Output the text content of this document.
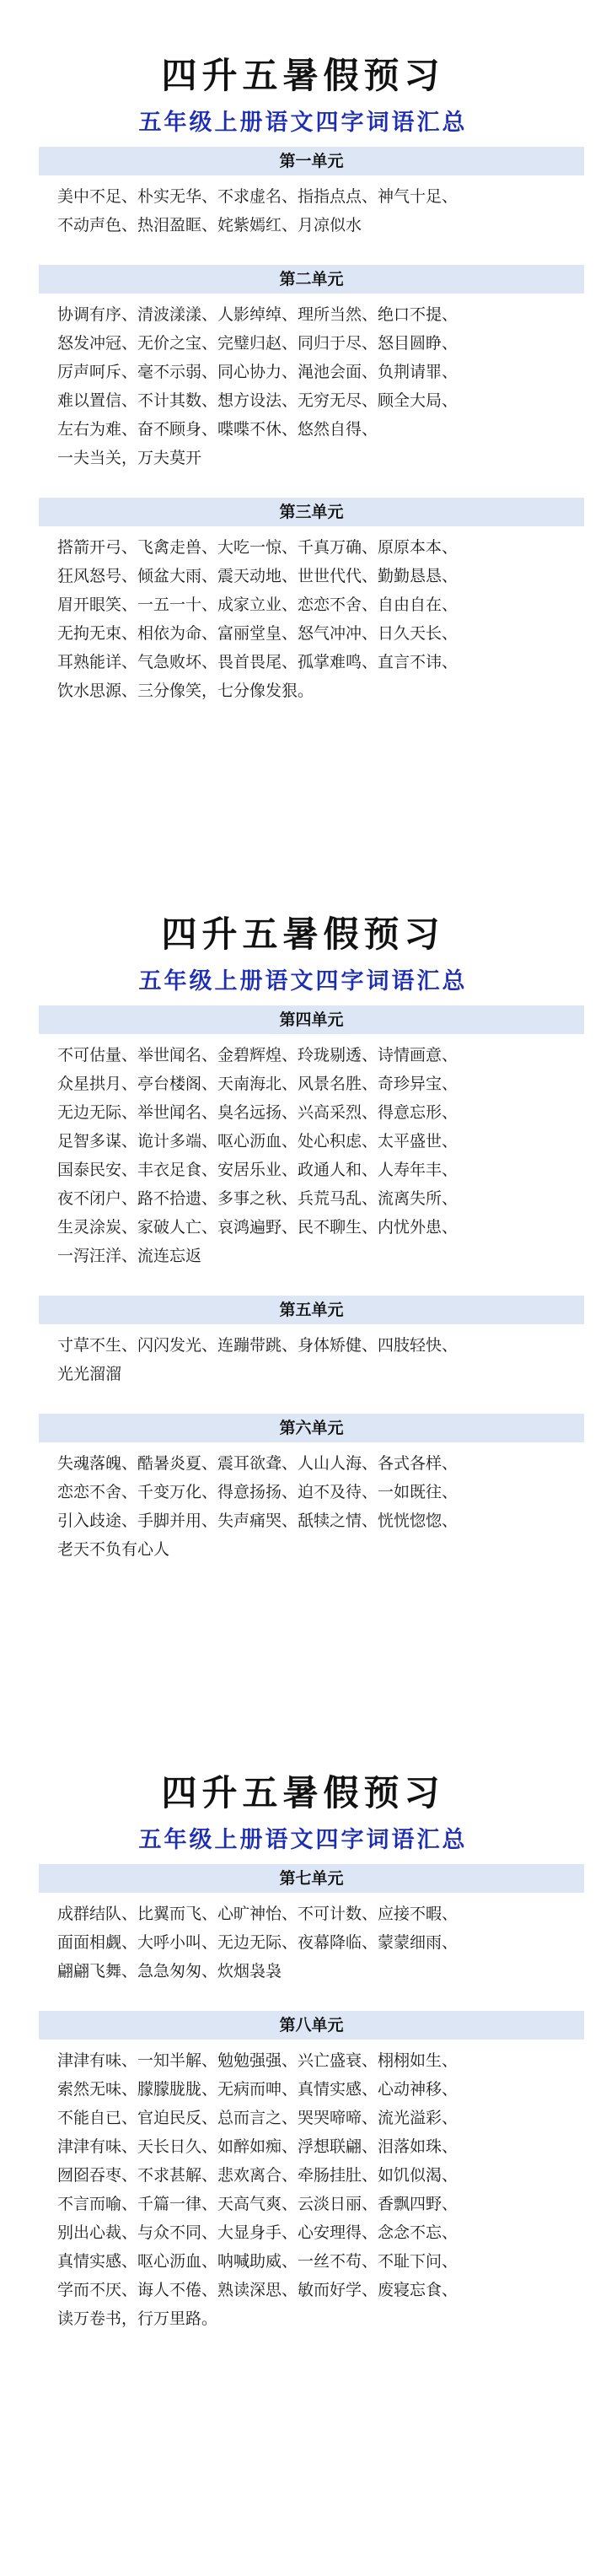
四升五暑假预习
五年级上册语文四字词语汇总
第一单元
美中不足、朴实无华、不求虚名、指指点点、神气十足、
不动声色、热泪盈眶、姹紫嫣红、月凉似水
第二单元
协调有序、清波漾漾、人影绰绰、理所当然、绝口不提、
怒发冲冠、无价之宝、完璧归赵、同归于尽、怒目圆睁、
厉声呵斥、毫不示弱、同心协力、渑池会面、负荆请罪、
难以置信、不计其数、想方设法、无穷无尽、顾全大局、
左右为难、奋不顾身、喋喋不休、悠然自得、
一夫当关，万夫莫开
第三单元
搭箭开弓、飞禽走兽、大吃一惊、千真万确、原原本本、
狂风怒号、倾盆大雨、震天动地、世世代代、勤勤恳恳、
眉开眼笑、一五一十、成家立业、恋恋不舍、自由自在、
无拘无束、相依为命、富丽堂皇、怒气冲冲、日久天长、
耳熟能详、气急败坏、畏首畏尾、孤掌难鸣、直言不讳、
饮水思源、三分像笑，七分像发狠。
四升五暑假预习
五年级上册语文四字词语汇总
第四单元
不可估量、举世闻名、金碧辉煌、玲珑剔透、诗情画意、
众星拱月、亭台楼阁、天南海北、风景名胜、奇珍异宝、
无边无际、举世闻名、臭名远扬、兴高采烈、得意忘形、
足智多谋、诡计多端、呕心沥血、处心积虑、太平盛世、
国泰民安、丰衣足食、安居乐业、政通人和、人寿年丰、
夜不闭户、路不拾遗、多事之秋、兵荒马乱、流离失所、
生灵涂炭、家破人亡、哀鸿遍野、民不聊生、内忧外患、
一泻汪洋、流连忘返
第五单元
寸草不生、闪闪发光、连蹦带跳、身体矫健、四肢轻快、
光光溜溜
第六单元
失魂落魄、酷暑炎夏、震耳欲聋、人山人海、各式各样、
恋恋不舍、千变万化、得意扬扬、迫不及待、一如既往、
引入歧途、手脚并用、失声痛哭、舐犊之情、恍恍惚惚、
老天不负有心人
四升五暑假预习
五年级上册语文四字词语汇总
第七单元
成群结队、比翼而飞、心旷神怡、不可计数、应接不暇、
面面相觑、大呼小叫、无边无际、夜幕降临、蒙蒙细雨、
翩翩飞舞、急急匆匆、炊烟袅袅
第八单元
津津有味、一知半解、勉勉强强、兴亡盛衰、栩栩如生、
索然无味、朦朦胧胧、无病而呻、真情实感、心动神移、
不能自已、官迫民反、总而言之、哭哭啼啼、流光溢彩、
津津有味、天长日久、如醉如痴、浮想联翩、泪落如珠、
囫囵吞枣、不求甚解、悲欢离合、牵肠挂肚、如饥似渴、
不言而喻、千篇一律、天高气爽、云淡日丽、香飘四野、
别出心裁、与众不同、大显身手、心安理得、念念不忘、
真情实感、呕心沥血、呐喊助威、一丝不苟、不耻下问、
学而不厌、诲人不倦、熟读深思、敏而好学、废寝忘食、
读万卷书，行万里路。
